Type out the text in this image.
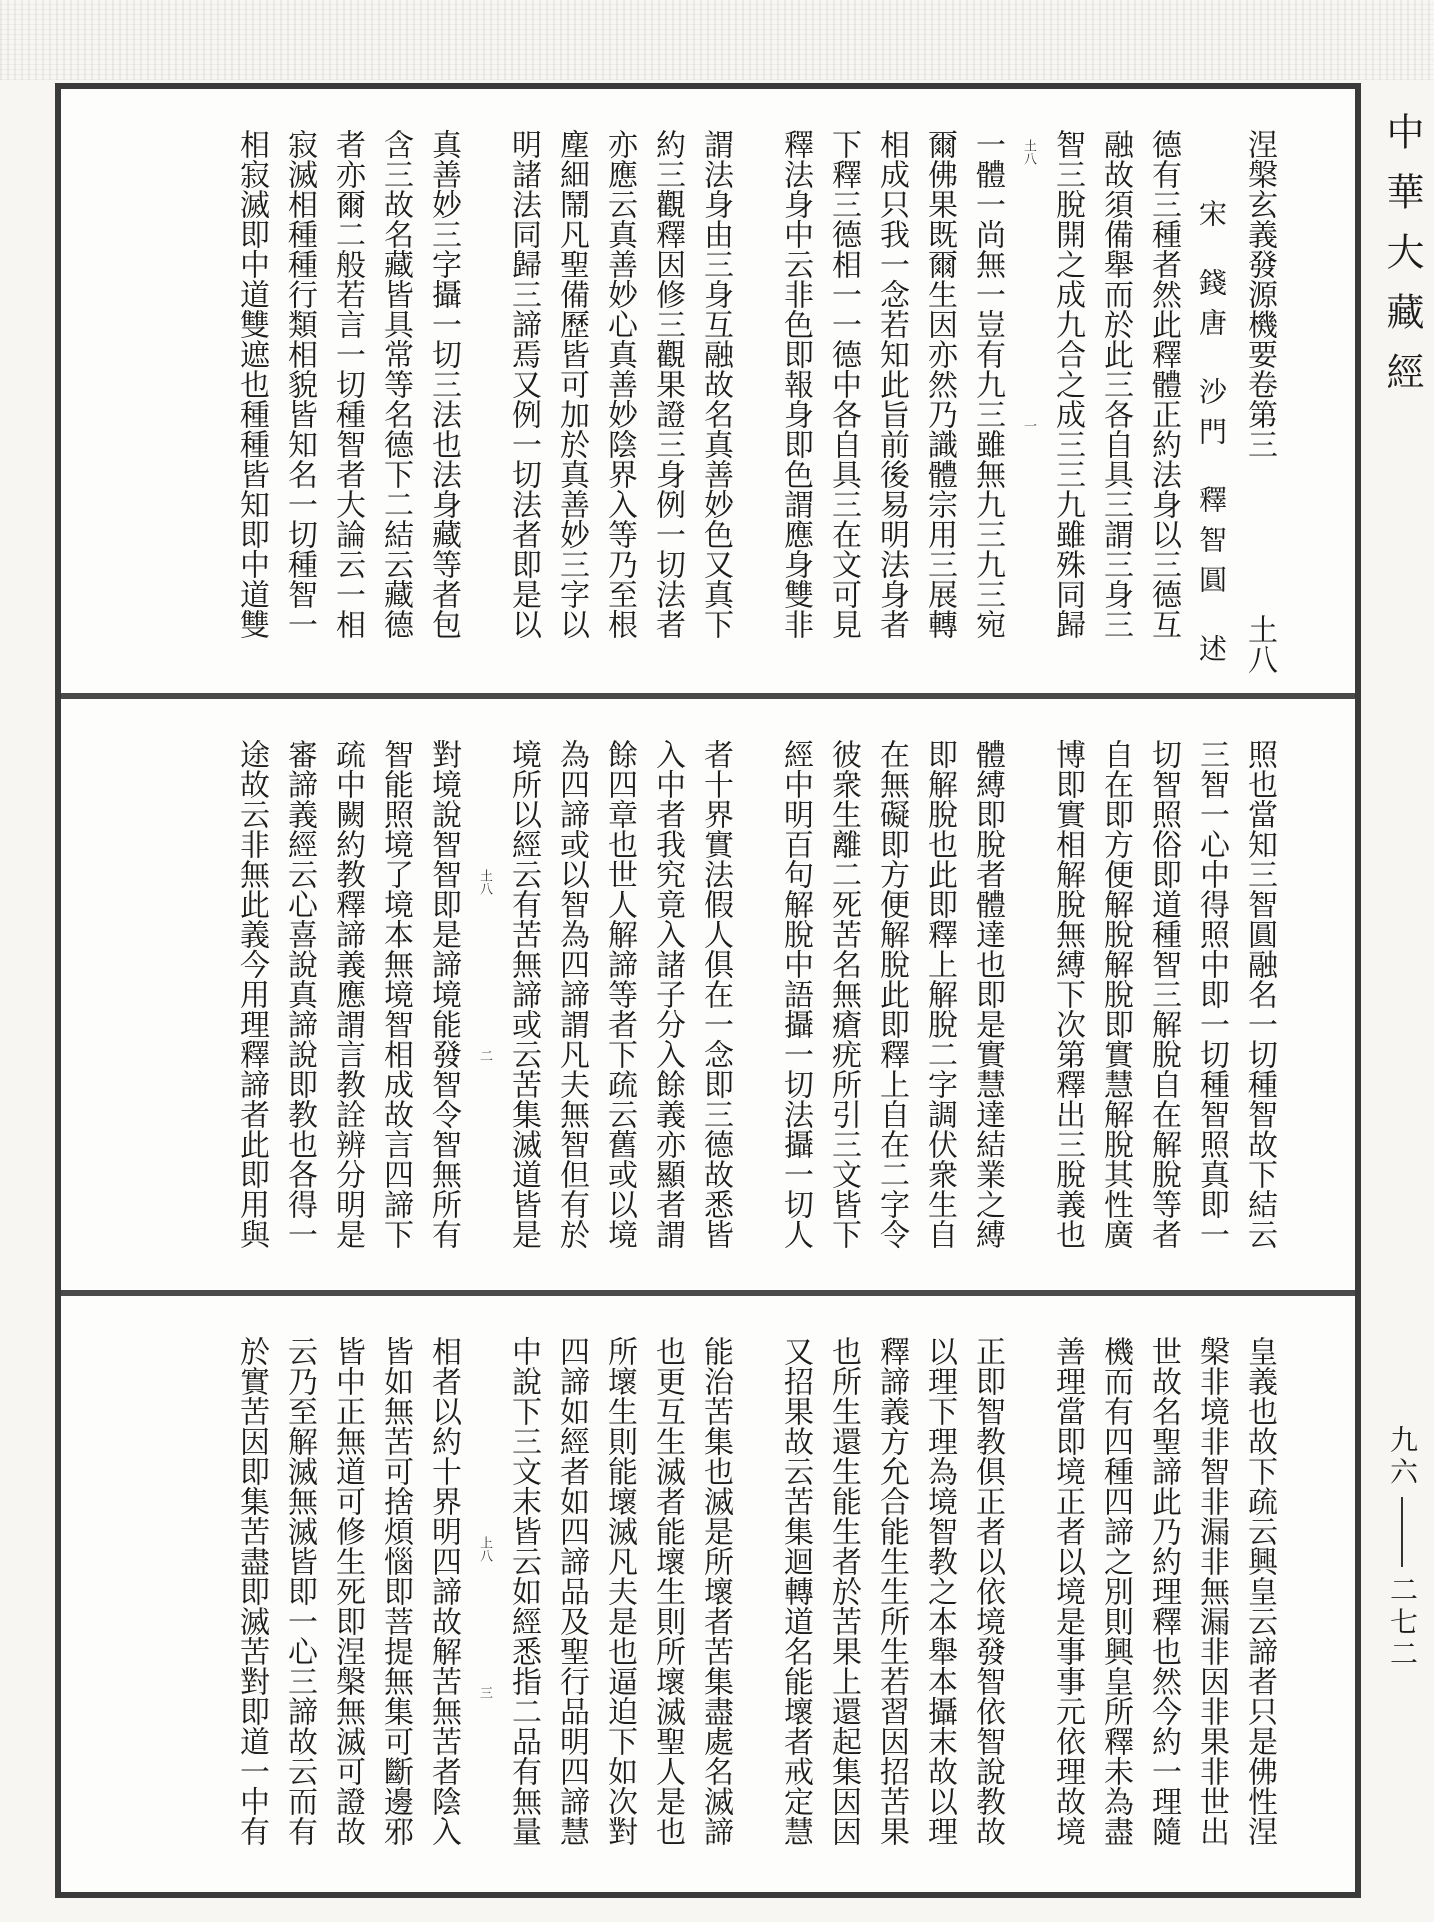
涅槃玄義發源機要卷第三
土八
宋
錢唐
沙門
釋智圓
述
德有三種者然此釋體正約法身以三德互
融故須備舉而於此三各自具三謂三身三
智三脫開之成九合之成三三九雖殊同歸
土八
一
一體一尚無一豈有九三雖無九三九三宛
爾佛果既爾生因亦然乃識體宗用三展轉
相成只我一念若知此旨前後易明法身者
下釋三德相一一德中各自具三在文可見
釋法身中云非色即報身即色謂應身雙非
謂法身由三身互融故名真善妙色又真下
約三觀釋因修三觀果證三身例一切法者
亦應云真善妙心真善妙陰界入等乃至根
塵細鬧凡聖備歷皆可加於真善妙三字以
明諸法同歸三諦焉又例一切法者即是以
真善妙三字攝一切三法也法身藏等者包
含三故名藏皆具常等名德下二結云藏德
者亦爾二般若言一切種智者大論云一相
寂滅相種種行類相貌皆知名一切種智一
相寂滅即中道雙遮也種種皆知即中道雙
照也當知三智圓融名一切種智故下結云
三智一心中得照中即一切種智照真即一
切智照俗即道種智三解脫自在解脫等者
自在即方便解脫解脫即實慧解脫其性廣
博即實相解脫無縛下次第釋出三脫義也
體縛即脫者體達也即是實慧達結業之縛
即解脫也此即釋上解脫二字調伏衆生自
在無礙即方便解脫此即釋上自在二字令
彼衆生離二死苦名無瘡疣所引三文皆下
經中明百句解脫中語攝一切法攝一切人
者十界實法假人俱在一念即三德故悉皆
入中者我究竟入諸子分入餘義亦顯者謂
餘四章也世人解諦等者下疏云舊或以境
為四諦或以智為四諦謂凡夫無智但有於
境所以經云有苦無諦或云苦集滅道皆是
土八
二
對境說智智即是諦境能發智令智無所有
智能照境了境本無境智相成故言四諦下
疏中闕約教釋諦義應謂言教詮辨分明是
審諦義經云心喜說真諦說即教也各得一
途故云非無此義今用理釋諦者此即用與
皇義也故下疏云興皇云諦者只是佛性涅
槃非境非智非漏非無漏非因非果非世出
世故名聖諦此乃約理釋也然今約一理隨
機而有四種四諦之別則興皇所釋未為盡
善理當即境正者以境是事事元依理故境
正即智教俱正者以依境發智依智說教故
以理下理為境智教之本舉本攝末故以理
釋諦義方允合能生生所生若習因招苦果
也所生還生能生者於苦果上還起集因因
又招果故云苦集迴轉道名能壞者戒定慧
能治苦集也滅是所壞者苦集盡處名滅諦
也更互生滅者能壞生則所壞滅聖人是也
所壞生則能壞滅凡夫是也逼迫下如次對
四諦如經者如四諦品及聖行品明四諦慧
中說下三文末皆云如經悉指二品有無量
上八
三
相者以約十界明四諦故解苦無苦者陰入
皆如無苦可捨煩惱即菩提無集可斷邊邪
皆中正無道可修生死即涅槃無滅可證故
云乃至解滅無滅皆即一心三諦故云而有
於實苦因即集苦盡即滅苦對即道一中有
中華大藏經
九六
二七二
